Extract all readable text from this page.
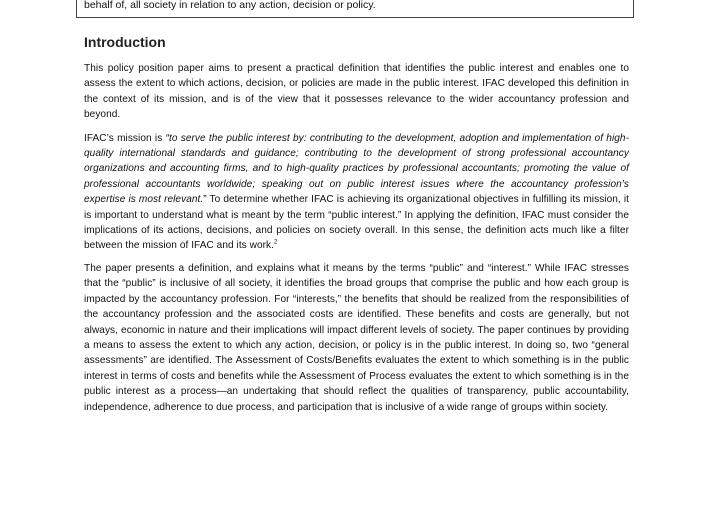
behalf of, all society in relation to any action, decision or policy.
Introduction

This policy position paper aims to present a practical definition that identifies the public interest and enables one to assess the extent to which actions, decision, or policies are made in the public interest. IFAC developed this definition in the context of its mission, and is of the view that it possesses relevance to the wider accountancy profession and beyond.

IFAC’s mission is “to serve the public interest by: contributing to the development, adoption and implementation of high-quality international standards and guidance; contributing to the development of strong professional accountancy organizations and accounting firms, and to high-quality practices by professional accountants; promoting the value of professional accountants worldwide; speaking out on public interest issues where the accountancy profession’s expertise is most relevant.” To determine whether IFAC is achieving its organizational objectives in fulfilling its mission, it is important to understand what is meant by the term “public interest.” In applying the definition, IFAC must consider the implications of its actions, decisions, and policies on society overall. In this sense, the definition acts much like a filter between the mission of IFAC and its work.$^2$

The paper presents a definition, and explains what it means by the terms “public” and “interest.” While IFAC stresses that the “public” is inclusive of all society, it identifies the broad groups that comprise the public and how each group is impacted by the accountancy profession. For “interests,” the benefits that should be realized from the responsibilities of the accountancy profession and the associated costs are identified. These benefits and costs are generally, but not always, economic in nature and their implications will impact different levels of society. The paper continues by providing a means to assess the extent to which any action, decision, or policy is in the public interest. In doing so, two “general assessments” are identified. The Assessment of Costs/Benefits evaluates the extent to which something is in the public interest in terms of costs and benefits while the Assessment of Process evaluates the extent to which something is in the public interest as a process—an undertaking that should reflect the qualities of transparency, public accountability, independence, adherence to due process, and participation that is inclusive of a wide range of groups within society.
